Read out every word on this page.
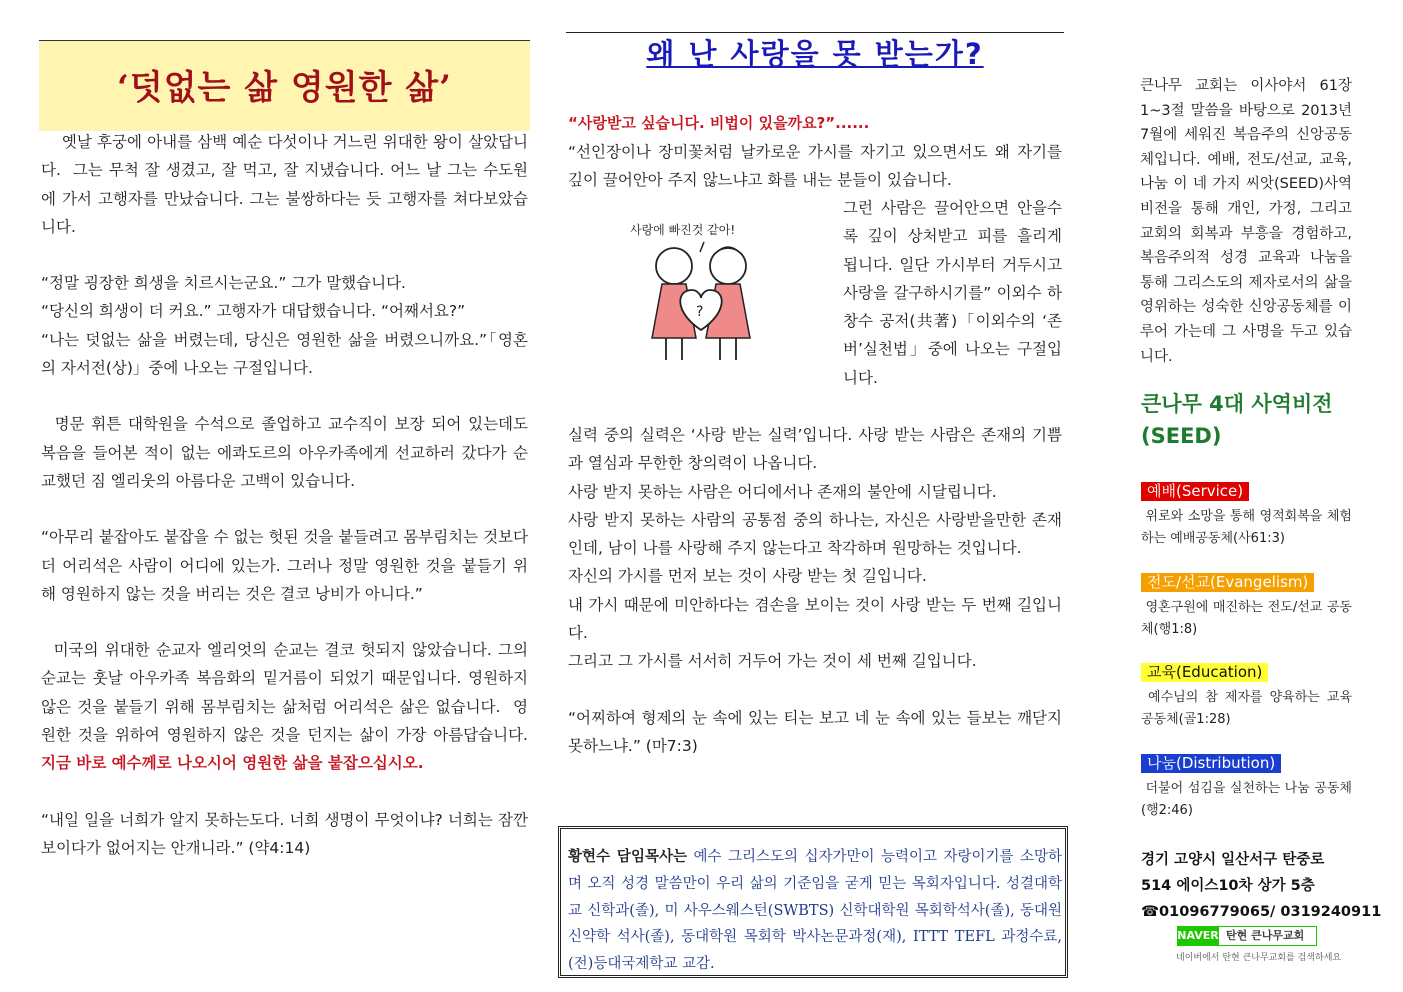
‘덧없는 삶 영원한 삶’

옛날 후궁에 아내를 삼백 예순 다섯이나 거느린 위대한 왕이 살았답니다.  그는 무척 잘 생겼고, 잘 먹고, 잘 지냈습니다. 어느 날 그는 수도원에 가서 고행자를 만났습니다. 그는 불쌍하다는 듯 고행자를 쳐다보았습니다.

“정말 굉장한 희생을 치르시는군요.” 그가 말했습니다.

“당신의 희생이 더 커요.” 고행자가 대답했습니다. “어째서요?”

“나는 덧없는 삶을 버렸는데, 당신은 영원한 삶을 버렸으니까요.”「영혼의 자서전(상)」중에 나오는 구절입니다.

명문 휘튼 대학원을 수석으로 졸업하고 교수직이 보장 되어 있는데도 복음을 들어본 적이 없는 에콰도르의 아우카족에게 선교하러 갔다가 순교했던 짐 엘리웃의 아름다운 고백이 있습니다.

“아무리 붙잡아도 붙잡을 수 없는 헛된 것을 붙들려고 몸부림치는 것보다 더 어리석은 사람이 어디에 있는가. 그러나 정말 영원한 것을 붙들기 위해 영원하지 않는 것을 버리는 것은 결코 낭비가 아니다.”

미국의 위대한 순교자 엘리엇의 순교는 결코 헛되지 않았습니다. 그의 순교는 훗날 아우카족 복음화의 밑거름이 되었기 때문입니다. 영원하지 않은 것을 붙들기 위해 몸부림치는 삶처럼 어리석은 삶은 없습니다.  영원한 것을 위하여 영원하지 않은 것을 던지는 삶이 가장 아름답습니다. 지금 바로 예수께로 나오시어 영원한 삶을 붙잡으십시오.

“내일 일을 너희가 알지 못하는도다. 너희 생명이 무엇이냐? 너희는 잠깐 보이다가 없어지는 안개니라.” (약4:14)

왜 난 사랑을 못 받는가?
“사랑받고 싶습니다. 비법이 있을까요?”......
“선인장이나 장미꽃처럼 날카로운 가시를 자기고 있으면서도 왜 자기를 깊이 끌어안아 주지 않느냐고 화를 내는 분들이 있습니다.
사랑에 빠진것 같아!
?
그런 사람은 끌어안으면 안을수록 깊이 상처받고 피를 흘리게 됩니다. 일단 가시부터 거두시고 사랑을 갈구하시기를” 이외수 하창수 공저(共著)「이외수의 ‘존버’실천법」중에 나오는 구절입니다.

실력 중의 실력은 ‘사랑 받는 실력’입니다. 사랑 받는 사람은 존재의 기쁨과 열심과 무한한 창의력이 나옵니다.

사랑 받지 못하는 사람은 어디에서나 존재의 불안에 시달립니다.

사랑 받지 못하는 사람의 공통점 중의 하나는, 자신은 사랑받을만한 존재인데, 남이 나를 사랑해 주지 않는다고 착각하며 원망하는 것입니다.

자신의 가시를 먼저 보는 것이 사랑 받는 첫 길입니다.

내 가시 때문에 미안하다는 겸손을 보이는 것이 사랑 받는 두 번째 길입니다.

그리고 그 가시를 서서히 거두어 가는 것이 세 번째 길입니다.

“어찌하여 형제의 눈 속에 있는 티는 보고 네 눈 속에 있는 들보는 깨닫지 못하느냐.” (마7:3)

황현수 담임목사는 예수 그리스도의 십자가만이 능력이고 자랑이기를 소망하며 오직 성경 말씀만이 우리 삶의 기준임을 굳게 믿는 목회자입니다. 성결대학교 신학과(졸), 미 사우스웨스턴(SWBTS) 신학대학원 목회학석사(졸), 동대원 신약학 석사(졸), 동대학원 목회학 박사논문과정(재), ITTT TEFL 과정수료, (전)등대국제학교 교감.
큰나무 교회는 이사야서 61장 1~3절 말씀을 바탕으로 2013년 7월에 세워진 복음주의 신앙공동체입니다. 예배, 전도/선교, 교육, 나눔 이 네 가지 씨앗(SEED)사역비전을 통해 개인, 가정, 그리고 교회의 회복과 부흥을 경험하고, 복음주의적 성경 교육과 나눔을 통해 그리스도의 제자로서의 삶을 영위하는 성숙한 신앙공동체를 이루어 가는데 그 사명을 두고 있습니다.
큰나무 4대 사역비전
(SEED)
예배(Service)
위로와 소망을 통해 영적회복을 체험하는 예배공동체(사61:3)
전도/선교(Evangelism)
영혼구원에 매진하는 전도/선교 공동체(행1:8)
교육(Education)
예수님의 참 제자를 양육하는 교육 공동체(골1:28)
나눔(Distribution)
더불어 섬김을 실천하는 나눔 공동체(행2:46)
경기 고양시 일산서구 탄중로
514 에이스10차 상가 5층
☎01096779065/ 0319240911
NAVER 탄현 큰나무교회
네이버에서 탄현 큰나무교회를 검색하세요
